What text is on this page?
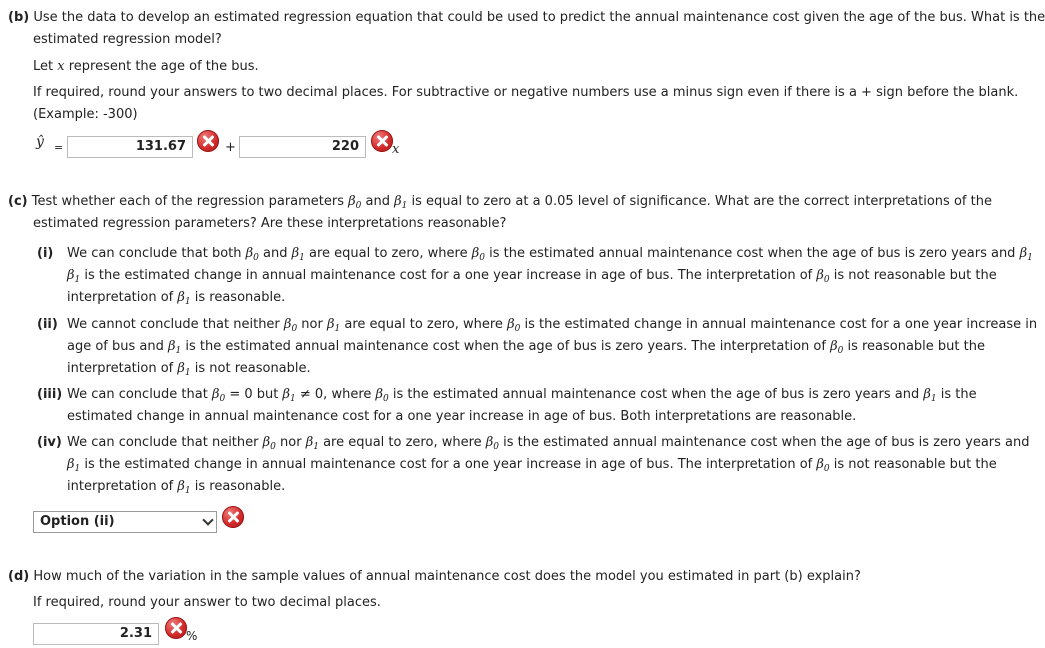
(b) Use the data to develop an estimated regression equation that could be used to predict the annual maintenance cost given the age of the bus. What is the
estimated regression model?
Let x represent the age of the bus.
If required, round your answers to two decimal places. For subtractive or negative numbers use a minus sign even if there is a + sign before the blank.
(Example: -300)
ŷ =	131.67	+	220	x
(c) Test whether each of the regression parameters $\beta_0$ and $\beta_1$ is equal to zero at a 0.05 level of significance. What are the correct interpretations of the
estimated regression parameters? Are these interpretations reasonable?
(i) We can conclude that both $\beta_0$ and $\beta_1$ are equal to zero, where $\beta_0$ is the estimated annual maintenance cost when the age of bus is zero years and $\beta_1$
$\beta_1$ is the estimated change in annual maintenance cost for a one year increase in age of bus. The interpretation of $\beta_0$ is not reasonable but the
interpretation of $\beta_1$ is reasonable.
(ii) We cannot conclude that neither $\beta_0$ nor $\beta_1$ are equal to zero, where $\beta_0$ is the estimated change in annual maintenance cost for a one year increase in
age of bus and $\beta_1$ is the estimated annual maintenance cost when the age of bus is zero years. The interpretation of $\beta_0$ is reasonable but the
interpretation of $\beta_1$ is not reasonable.
(iii) We can conclude that $\beta_0 = 0$ but $\beta_1 \ne 0$, where $\beta_0$ is the estimated annual maintenance cost when the age of bus is zero years and $\beta_1$ is the
estimated change in annual maintenance cost for a one year increase in age of bus. Both interpretations are reasonable.
(iv) We can conclude that neither $\beta_0$ nor $\beta_1$ are equal to zero, where $\beta_0$ is the estimated annual maintenance cost when the age of bus is zero years and
$\beta_1$ is the estimated change in annual maintenance cost for a one year increase in age of bus. The interpretation of $\beta_0$ is not reasonable but the
interpretation of $\beta_1$ is reasonable.
Option (ii)
(d) How much of the variation in the sample values of annual maintenance cost does the model you estimated in part (b) explain?
If required, round your answer to two decimal places.
2.31	%
